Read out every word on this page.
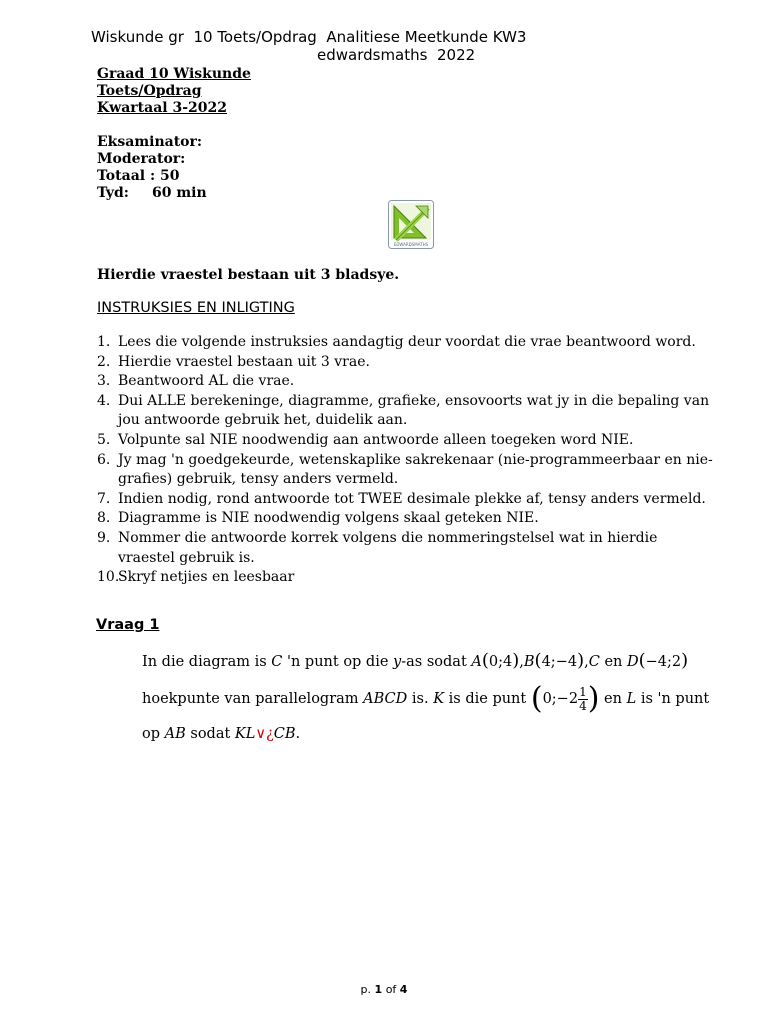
Wiskunde gr  10 Toets/Opdrag  Analitiese Meetkunde KW3
edwardsmaths  2022
Graad 10 Wiskunde
Toets/Opdrag
Kwartaal 3-2022
Eksaminator:
Moderator:
Totaal : 50
Tyd: 60 min
EDWARDSMATHS
Hierdie vraestel bestaan uit 3 bladsye.
INSTRUKSIES EN INLIGTING
1. Lees die volgende instruksies aandagtig deur voordat die vrae beantwoord word.
2. Hierdie vraestel bestaan uit 3 vrae.
3. Beantwoord AL die vrae.
4. Dui ALLE berekeninge, diagramme, grafieke, ensovoorts wat jy in die bepaling van jou antwoorde gebruik het, duidelik aan.
5. Volpunte sal NIE noodwendig aan antwoorde alleen toegeken word NIE.
6. Jy mag 'n goedgekeurde, wetenskaplike sakrekenaar (nie-programmeerbaar en nie-grafies) gebruik, tensy anders vermeld.
7. Indien nodig, rond antwoorde tot TWEE desimale plekke af, tensy anders vermeld.
8. Diagramme is NIE noodwendig volgens skaal geteken NIE.
9. Nommer die antwoorde korrek volgens die nommeringstelsel wat in hierdie vraestel gebruik is.
10.
Skryf netjies en leesbaar
Vraag 1
In die diagram is C 'n punt op die y-as sodat A(0;4),B(4;−4),C en D(−4;2)
hoekpunte van parallelogram
ABCD
is.
K
is die punt
( 0;−2 $\frac{1}{4}$ )
en
L
is 'n punt
op AB sodat KL∨¿CB.
p. 1 of 4
